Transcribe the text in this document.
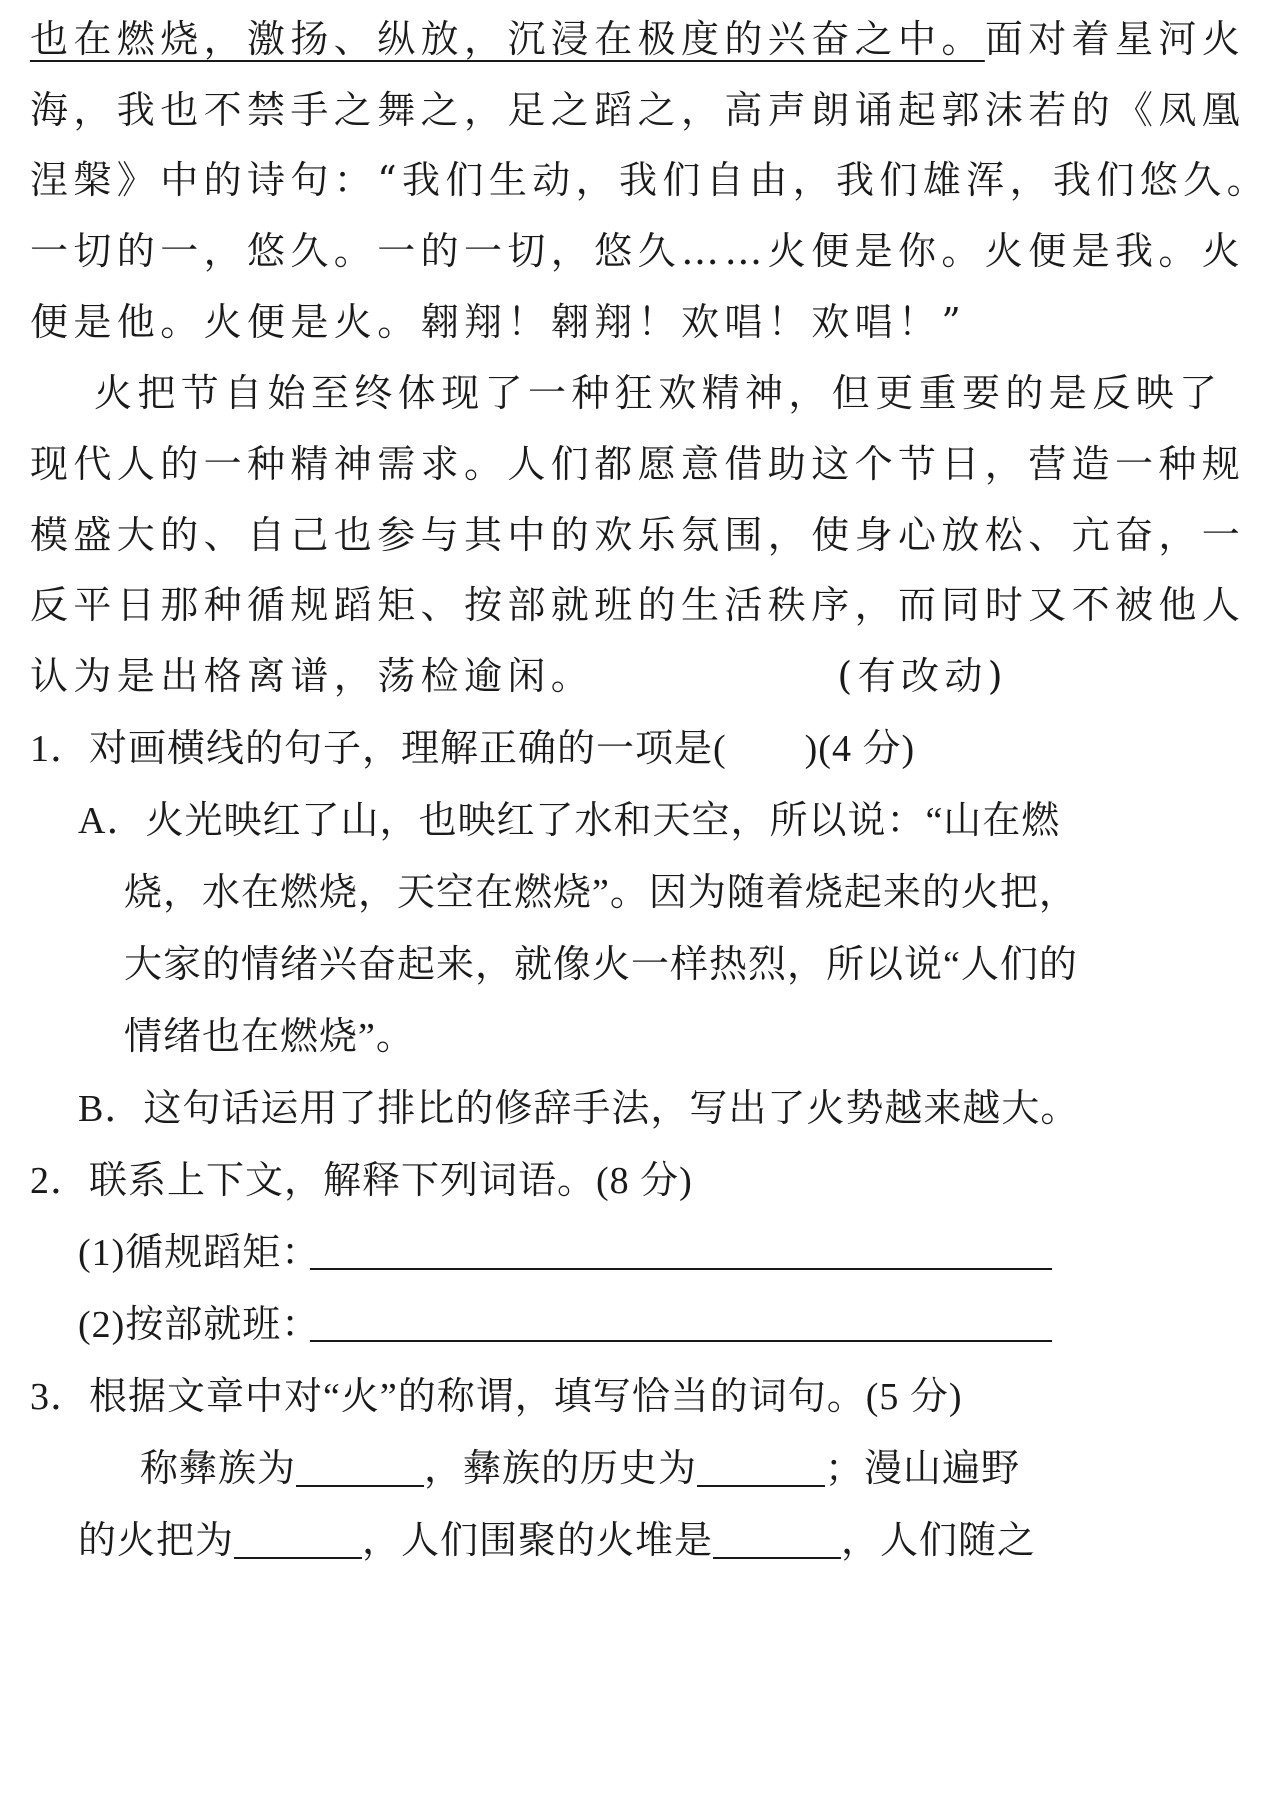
也在燃烧，激扬、纵放，沉浸在极度的兴奋之中。面对着星河火
海，我也不禁手之舞之，足之蹈之，高声朗诵起郭沫若的《凤凰
涅槃》中的诗句：“我们生动，我们自由，我们雄浑，我们悠久。
一切的一，悠久。一的一切，悠久……火便是你。火便是我。火
便是他。火便是火。翱翔！翱翔！欢唱！欢唱！”
火把节自始至终体现了一种狂欢精神，但更重要的是反映了
现代人的一种精神需求。人们都愿意借助这个节日，营造一种规
模盛大的、自己也参与其中的欢乐氛围，使身心放松、亢奋，一
反平日那种循规蹈矩、按部就班的生活秩序，而同时又不被他人
认为是出格离谱，荡检逾闲。	(有改动)
1．对画横线的句子，理解正确的一项是(　　)(4 分)
A．火光映红了山，也映红了水和天空，所以说：“山在燃
烧，水在燃烧，天空在燃烧”。因为随着烧起来的火把，
大家的情绪兴奋起来，就像火一样热烈，所以说“人们的
情绪也在燃烧”。
B．这句话运用了排比的修辞手法，写出了火势越来越大。
2．联系上下文，解释下列词语。(8 分)
(1)循规蹈矩：
(2)按部就班：
3．根据文章中对“火”的称谓，填写恰当的词句。(5 分)
称彝族为	，彝族的历史为	；漫山遍野
的火把为	，人们围聚的火堆是	，人们随之
